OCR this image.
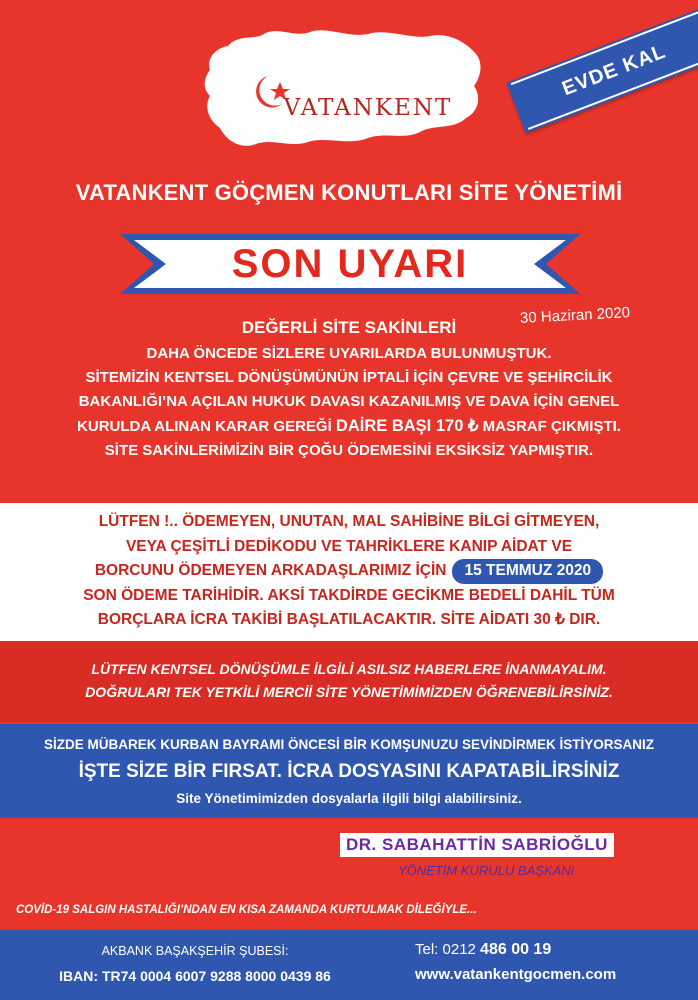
VATANKENT
EVDE KAL
VATANKENT GÖÇMEN KONUTLARI SİTE YÖNETİMİ
SON UYARI
30 Haziran 2020
DEĞERLİ SİTE SAKİNLERİ
DAHA ÖNCEDE SİZLERE UYARILARDA BULUNMUŞTUK.
SİTEMİZİN KENTSEL DÖNÜŞÜMÜNÜN İPTALİ İÇİN ÇEVRE VE ŞEHİRCİLİK
BAKANLIĞI’NA AÇILAN HUKUK DAVASI KAZANILMIŞ VE DAVA İÇİN GENEL
KURULDA ALINAN KARAR GEREĞİ DAİRE BAŞI 170 ₺ MASRAF ÇIKMIŞTI.
SİTE SAKİNLERİMİZİN BİR ÇOĞU ÖDEMESİNİ EKSİKSİZ YAPMIŞTIR.
LÜTFEN !.. ÖDEMEYEN, UNUTAN, MAL SAHİBİNE BİLGİ GİTMEYEN,
VEYA ÇEŞİTLİ DEDİKODU VE TAHRİKLERE KANIP AİDAT VE
BORCUNU ÖDEMEYEN ARKADAŞLARIMIZ İÇİN 15 TEMMUZ 2020
SON ÖDEME TARİHİDİR. AKSİ TAKDİRDE GECİKME BEDELİ DAHİL TÜM
BORÇLARA İCRA TAKİBİ BAŞLATILACAKTIR. SİTE AİDATI 30 ₺ DIR.
LÜTFEN KENTSEL DÖNÜŞÜMLE İLGİLİ ASILSIZ HABERLERE İNANMAYALIM.
DOĞRULARI TEK YETKİLİ MERCİİ SİTE YÖNETİMİMİZDEN ÖĞRENEBİLİRSİNİZ.
SİZDE MÜBAREK KURBAN BAYRAMI ÖNCESİ BİR KOMŞUNUZU SEVİNDİRMEK İSTİYORSANIZ
İŞTE SİZE BİR FIRSAT. İCRA DOSYASINI KAPATABİLİRSİNİZ
Site Yönetimimizden dosyalarla ilgili bilgi alabilirsiniz.
DR. SABAHATTİN SABRİOĞLU
YÖNETİM KURULU BAŞKANI
COVİD-19 SALGIN HASTALIĞI’NDAN EN KISA ZAMANDA KURTULMAK DİLEĞİYLE...
AKBANK BAŞAKŞEHİR ŞUBESİ:
IBAN: TR74 0004 6007 9288 8000 0439 86
Tel: 0212 486 00 19
www.vatankentgocmen.com
